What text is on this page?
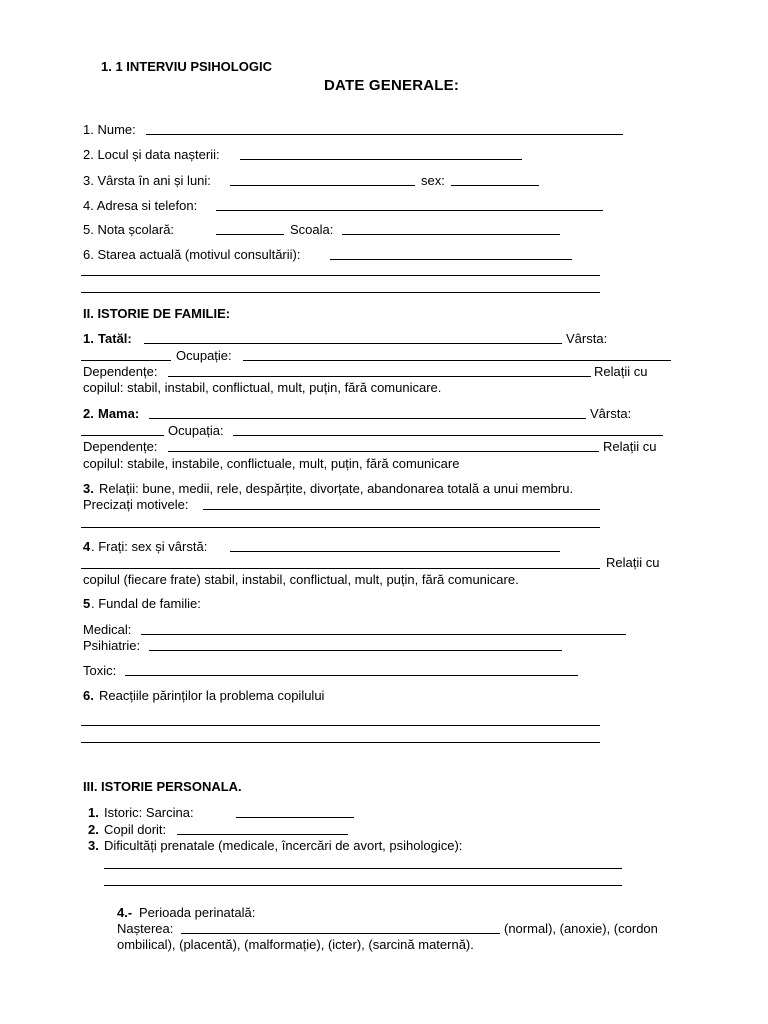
1. 1 INTERVIU PSIHOLOGIC
DATE GENERALE:
1. Nume:
2. Locul și data nașterii:
3. Vârsta în ani și luni:	sex:
4. Adresa si telefon:
5. Nota școlară:	Scoala:
6. Starea actuală (motivul consultării):
II. ISTORIE DE FAMILIE:
1. Tatăl:	Vârsta:
Ocupație:
Dependențe:	Relații cu
copilul: stabil, instabil, conflictual, mult, puțin, fără comunicare.
2. Mama:	Vârsta:
Ocupația:
Dependențe:	Relații cu
copilul: stabile, instabile, conflictuale, mult, puțin, fără comunicare
3. Relații: bune, medii, rele, despărțite, divorțate, abandonarea totală a unui membru.
Precizați motivele:
4 . Frați: sex și vârstă:
Relații cu
copilul (fiecare frate) stabil, instabil, conflictual, mult, puțin, fără comunicare.
5 . Fundal de familie:
Medical:
Psihiatrie:
Toxic:
6. Reacțiile părinților la problema copilului
III. ISTORIE PERSONALA.
1. Istoric: Sarcina:
2. Copil dorit:
3. Dificultăți prenatale (medicale, încercări de avort, psihologice):
4.- Perioada perinatală:
Nașterea:	(normal), (anoxie), (cordon
ombilical), (placentă), (malformație), (icter), (sarcină maternă).
